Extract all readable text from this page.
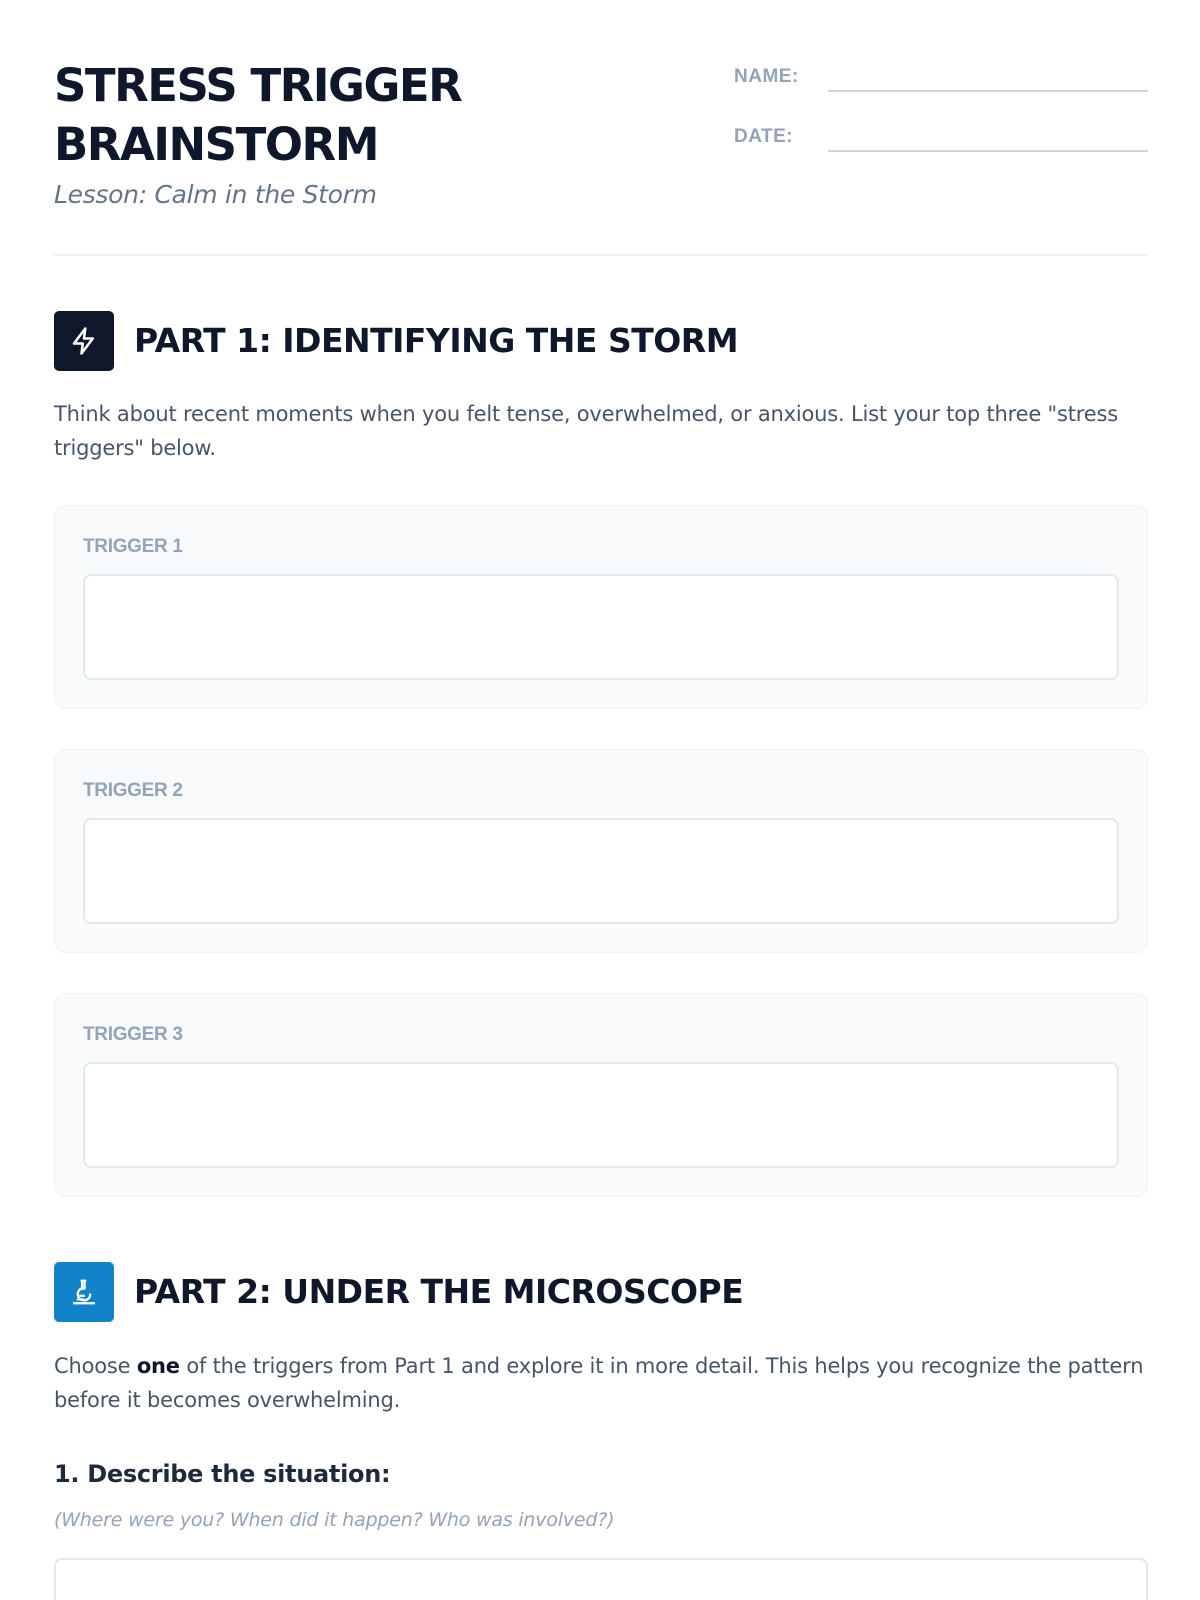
STRESS TRIGGER
BRAINSTORM
Lesson: Calm in the Storm
NAME:
DATE:
PART 1: IDENTIFYING THE STORM

Think about recent moments when you felt tense, overwhelmed, or anxious. List your top three "stress triggers" below.

TRIGGER 1
TRIGGER 2
TRIGGER 3
PART 2: UNDER THE MICROSCOPE

Choose one of the triggers from Part 1 and explore it in more detail. This helps you recognize the pattern before it becomes overwhelming.

1. Describe the situation:
(Where were you? When did it happen? Who was involved?)
